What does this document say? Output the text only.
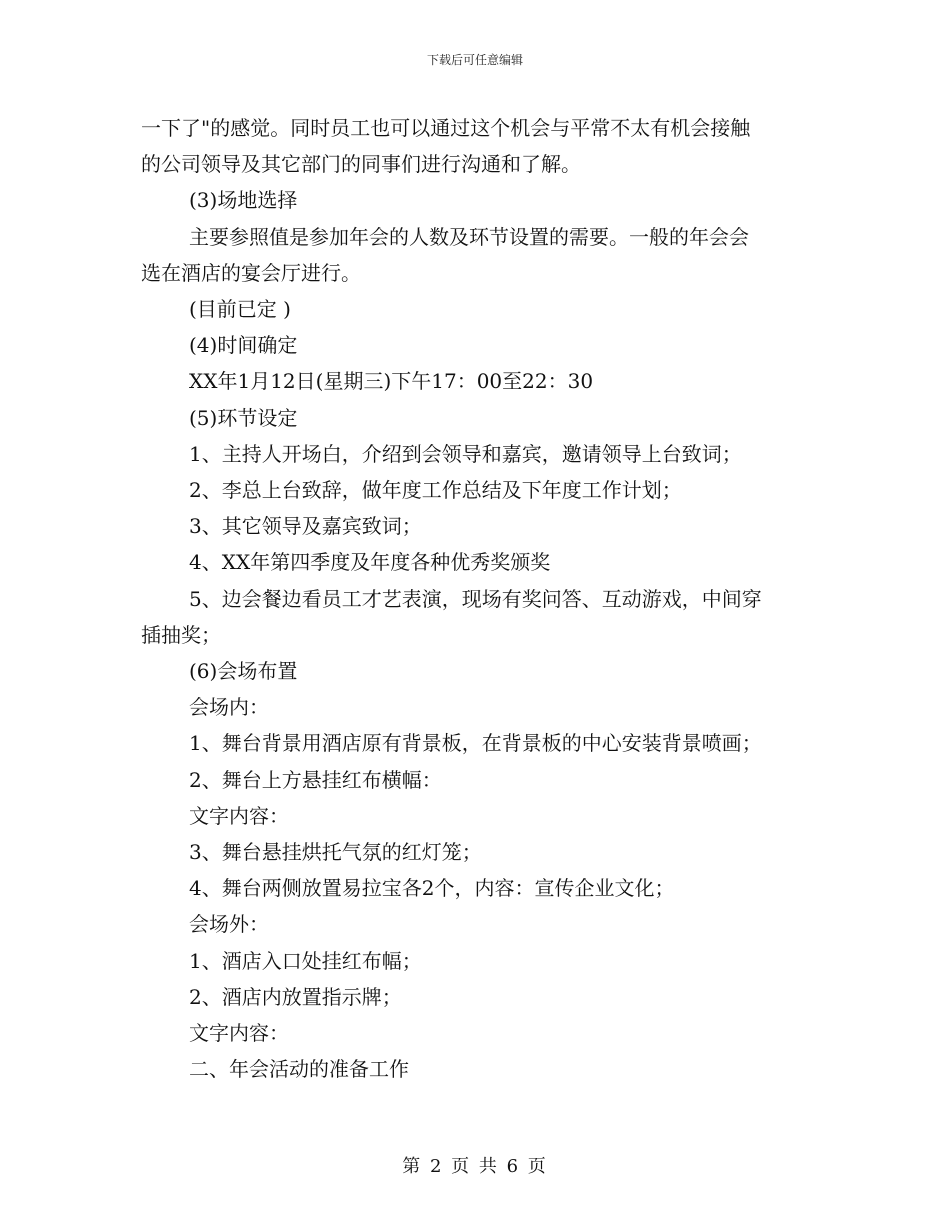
下载后可任意编辑

一下了"的感觉。同时员工也可以通过这个机会与平常不太有机会接触

的公司领导及其它部门的同事们进行沟通和了解。

(3)场地选择

主要参照值是参加年会的人数及环节设置的需要。一般的年会会

选在酒店的宴会厅进行。

(目前已定 )

(4)时间确定

XX年1月12日(星期三)下午17：00至22：30

(5)环节设定

1、主持人开场白，介绍到会领导和嘉宾，邀请领导上台致词；

2、李总上台致辞，做年度工作总结及下年度工作计划；

3、其它领导及嘉宾致词；

4、XX年第四季度及年度各种优秀奖颁奖

5、边会餐边看员工才艺表演，现场有奖问答、互动游戏，中间穿

插抽奖；

(6)会场布置

会场内：

1、舞台背景用酒店原有背景板，在背景板的中心安装背景喷画；

2、舞台上方悬挂红布横幅：

文字内容：

3、舞台悬挂烘托气氛的红灯笼；

4、舞台两侧放置易拉宝各2个，内容：宣传企业文化；

会场外：

1、酒店入口处挂红布幅；

2、酒店内放置指示牌；

文字内容：

二、年会活动的准备工作

第 2 页 共 6 页
